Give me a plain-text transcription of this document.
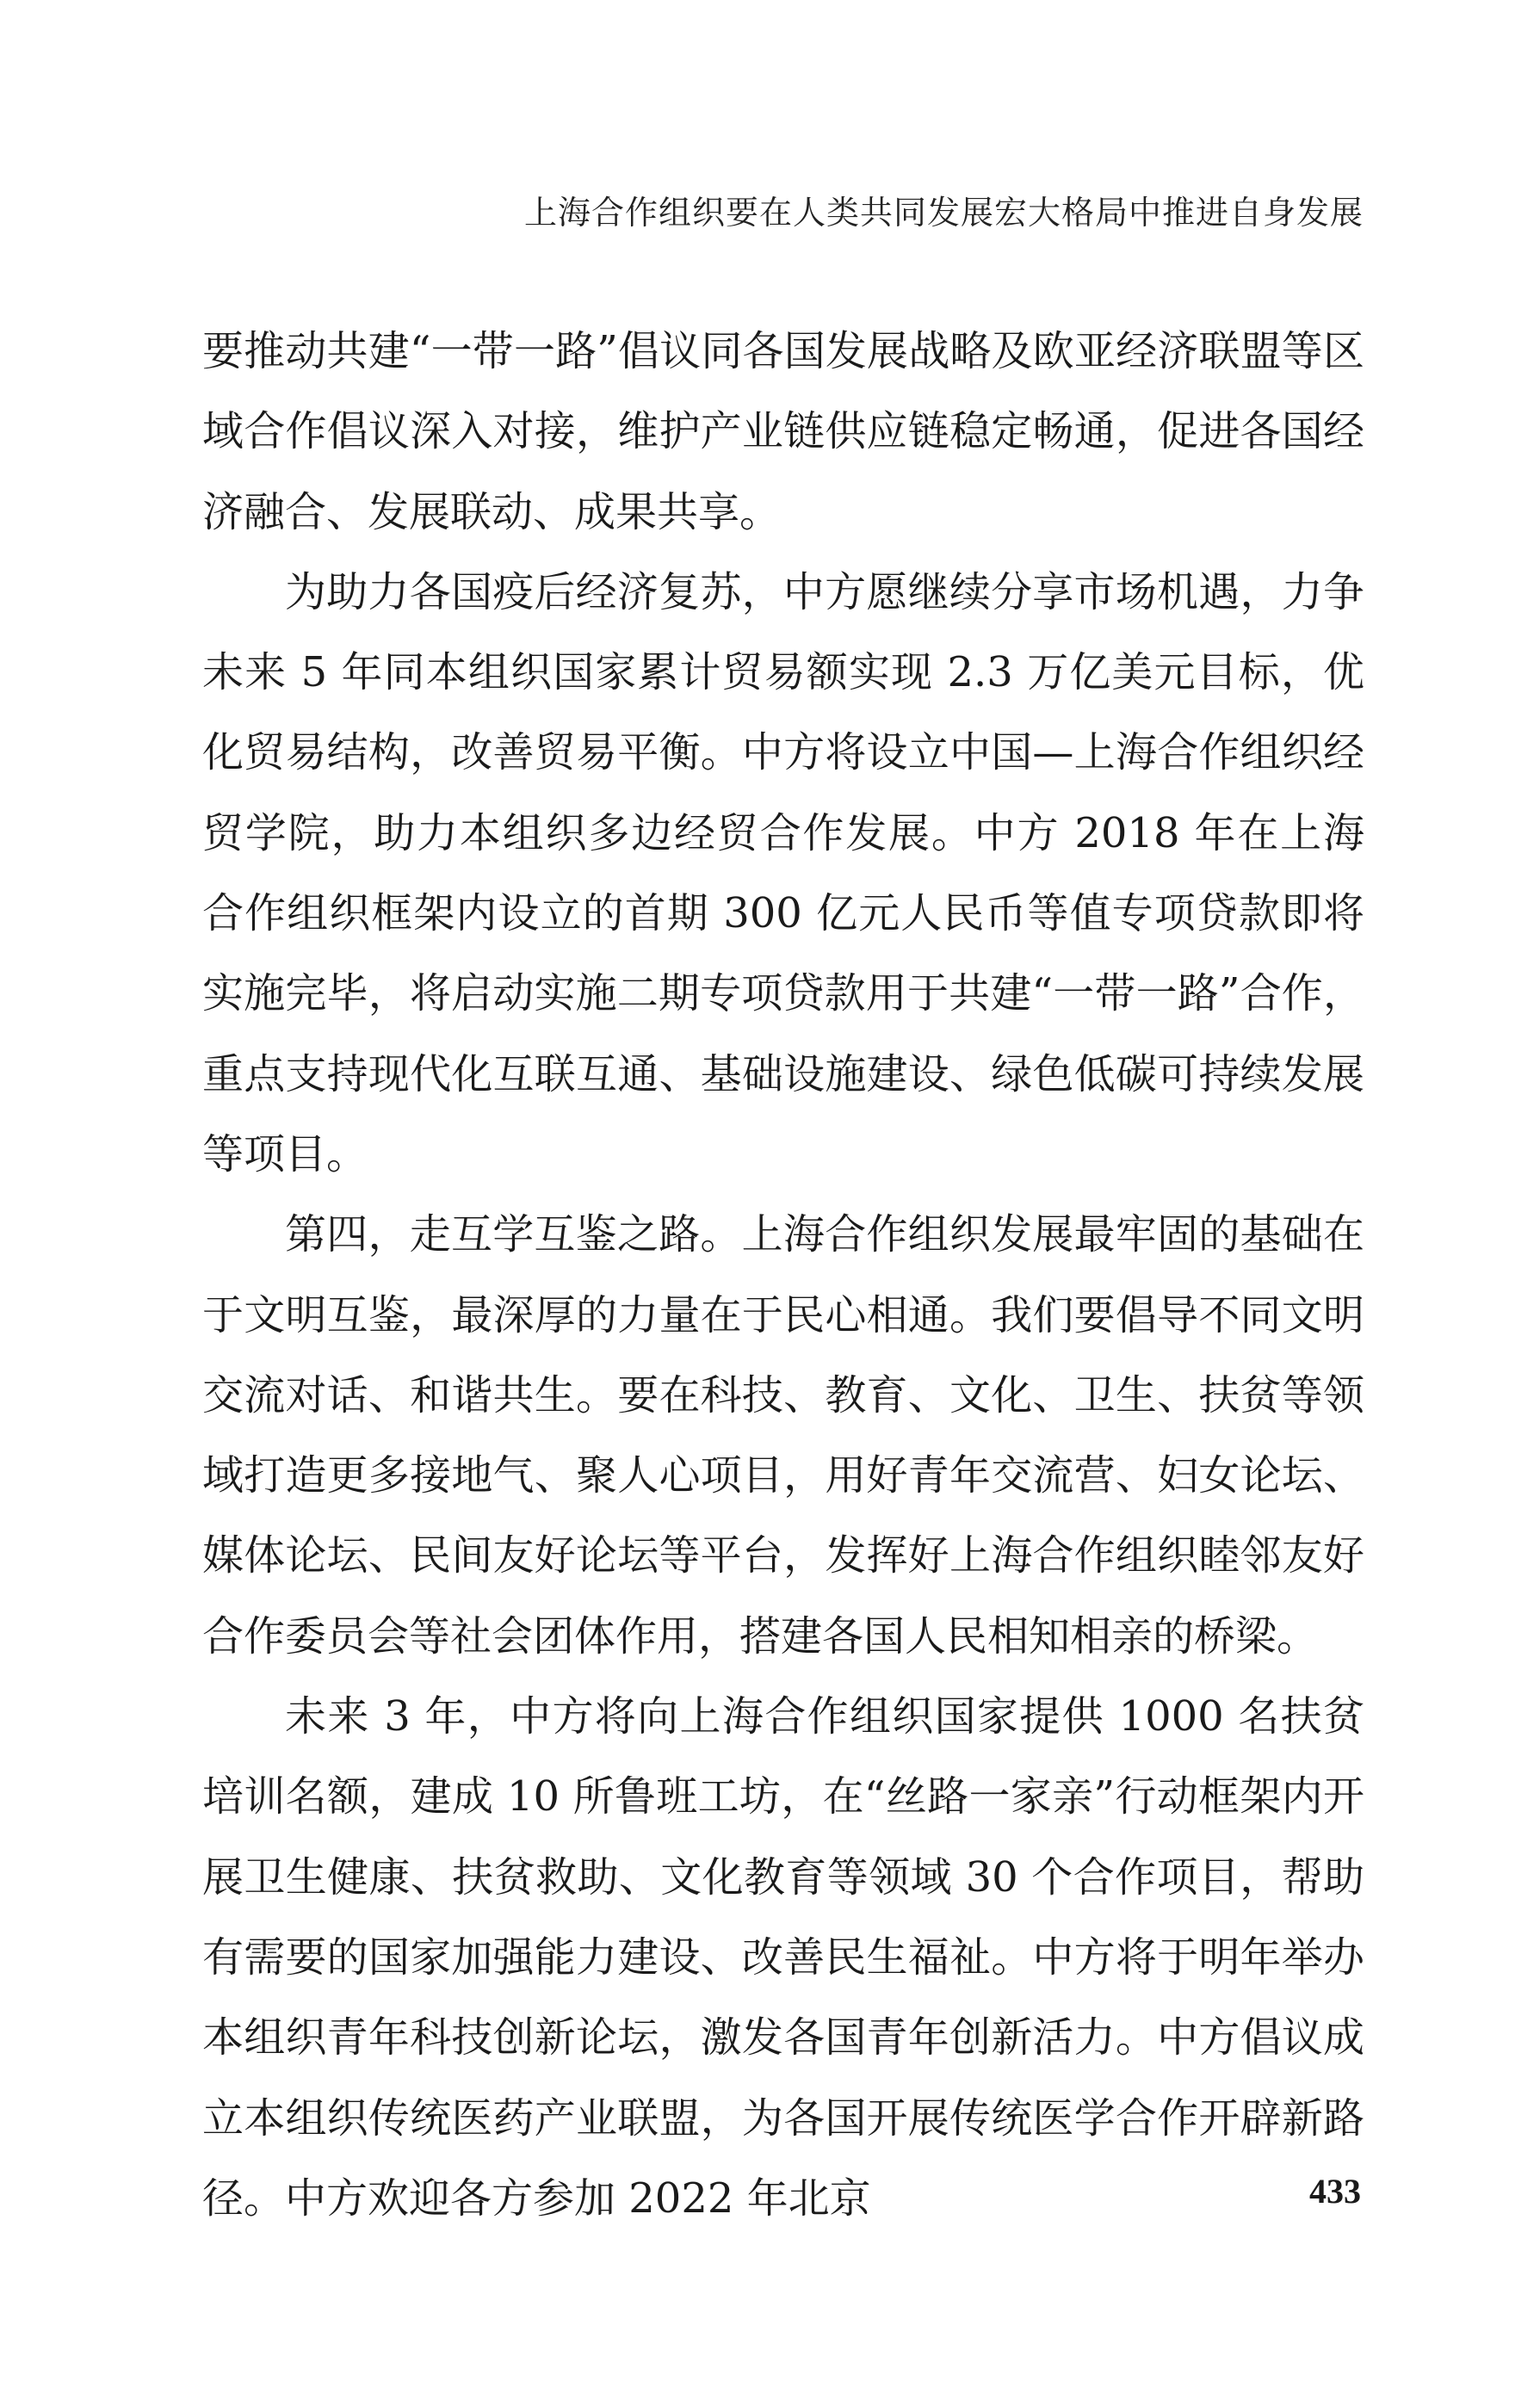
上海合作组织要在人类共同发展宏大格局中推进自身发展

要推动共建“一带一路”倡议同各国发展战略及欧亚经济联盟等区域合作倡议深入对接，维护产业链供应链稳定畅通，促进各国经济融合、发展联动、成果共享。

为助力各国疫后经济复苏，中方愿继续分享市场机遇，力争未来 5 年同本组织国家累计贸易额实现 2.3 万亿美元目标，优化贸易结构，改善贸易平衡。中方将设立中国—上海合作组织经贸学院，助力本组织多边经贸合作发展。中方 2018 年在上海合作组织框架内设立的首期 300 亿元人民币等值专项贷款即将实施完毕，将启动实施二期专项贷款用于共建“一带一路”合作，重点支持现代化互联互通、基础设施建设、绿色低碳可持续发展等项目。

第四，走互学互鉴之路。上海合作组织发展最牢固的基础在于文明互鉴，最深厚的力量在于民心相通。我们要倡导不同文明交流对话、和谐共生。要在科技、教育、文化、卫生、扶贫等领域打造更多接地气、聚人心项目，用好青年交流营、妇女论坛、媒体论坛、民间友好论坛等平台，发挥好上海合作组织睦邻友好合作委员会等社会团体作用，搭建各国人民相知相亲的桥梁。

未来 3 年，中方将向上海合作组织国家提供 1000 名扶贫培训名额，建成 10 所鲁班工坊，在“丝路一家亲”行动框架内开展卫生健康、扶贫救助、文化教育等领域 30 个合作项目，帮助有需要的国家加强能力建设、改善民生福祉。中方将于明年举办本组织青年科技创新论坛，激发各国青年创新活力。中方倡议成立本组织传统医药产业联盟，为各国开展传统医学合作开辟新路径。中方欢迎各方参加 2022 年北京	433
